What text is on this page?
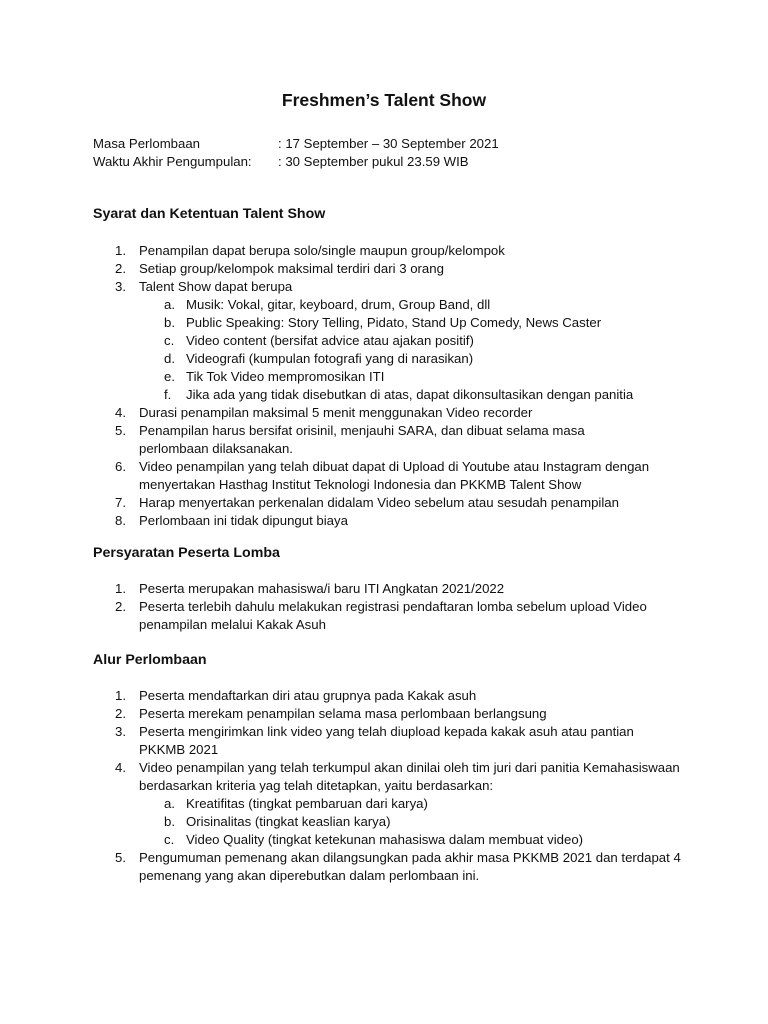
Freshmen’s Talent Show
Masa Perlombaan	: 17 September – 30 September 2021
Waktu Akhir Pengumpulan: : 30 September pukul 23.59 WIB
Syarat dan Ketentuan Talent Show
1. Penampilan dapat berupa solo/single maupun group/kelompok
2. Setiap group/kelompok maksimal terdiri dari 3 orang
3. Talent Show dapat berupa
a. Musik: Vokal, gitar, keyboard, drum, Group Band, dll
b. Public Speaking: Story Telling, Pidato, Stand Up Comedy, News Caster
c. Video content (bersifat advice atau ajakan positif)
d. Videografi (kumpulan fotografi yang di narasikan)
e. Tik Tok Video mempromosikan ITI
f. Jika ada yang tidak disebutkan di atas, dapat dikonsultasikan dengan panitia
4. Durasi penampilan maksimal 5 menit menggunakan Video recorder
5. Penampilan harus bersifat orisinil, menjauhi SARA, dan dibuat selama masa perlombaan dilaksanakan.
6. Video penampilan yang telah dibuat dapat di Upload di Youtube atau Instagram dengan menyertakan Hasthag Institut Teknologi Indonesia dan PKKMB Talent Show
7. Harap menyertakan perkenalan didalam Video sebelum atau sesudah penampilan
8. Perlombaan ini tidak dipungut biaya
Persyaratan Peserta Lomba
1. Peserta merupakan mahasiswa/i baru ITI Angkatan 2021/2022
2. Peserta terlebih dahulu melakukan registrasi pendaftaran lomba sebelum upload Video penampilan melalui Kakak Asuh
Alur Perlombaan
1. Peserta mendaftarkan diri atau grupnya pada Kakak asuh
2. Peserta merekam penampilan selama masa perlombaan berlangsung
3. Peserta mengirimkan link video yang telah diupload kepada kakak asuh atau pantian PKKMB 2021
4. Video penampilan yang telah terkumpul akan dinilai oleh tim juri dari panitia Kemahasiswaan berdasarkan kriteria yag telah ditetapkan, yaitu berdasarkan:
a. Kreatifitas (tingkat pembaruan dari karya)
b. Orisinalitas (tingkat keaslian karya)
c. Video Quality (tingkat ketekunan mahasiswa dalam membuat video)
5. Pengumuman pemenang akan dilangsungkan pada akhir masa PKKMB 2021 dan terdapat 4 pemenang yang akan diperebutkan dalam perlombaan ini.
